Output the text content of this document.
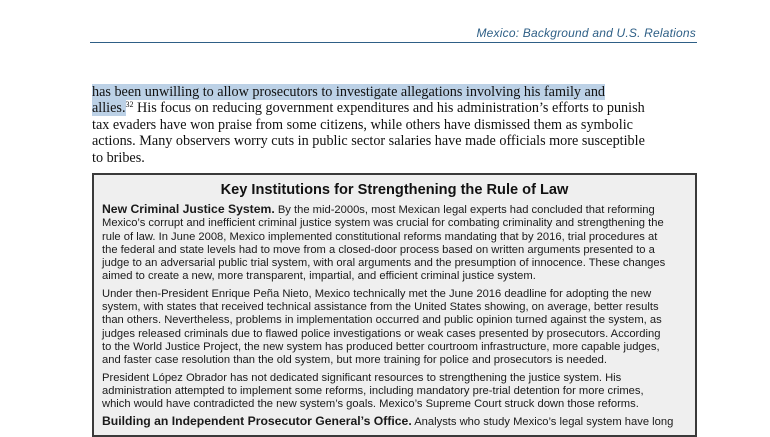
Mexico: Background and U.S. Relations
has been unwilling to allow prosecutors to investigate allegations involving his family and
allies.$^{32}$ His focus on reducing government expenditures and his administration’s efforts to punish
tax evaders have won praise from some citizens, while others have dismissed them as symbolic
actions. Many observers worry cuts in public sector salaries have made officials more susceptible
to bribes.
Key Institutions for Strengthening the Rule of Law
New Criminal Justice System. By the mid-2000s, most Mexican legal experts had concluded that reforming
Mexico’s corrupt and inefficient criminal justice system was crucial for combating criminality and strengthening the
rule of law. In June 2008, Mexico implemented constitutional reforms mandating that by 2016, trial procedures at
the federal and state levels had to move from a closed-door process based on written arguments presented to a
judge to an adversarial public trial system, with oral arguments and the presumption of innocence. These changes
aimed to create a new, more transparent, impartial, and efficient criminal justice system.
Under then-President Enrique Peña Nieto, Mexico technically met the June 2016 deadline for adopting the new
system, with states that received technical assistance from the United States showing, on average, better results
than others. Nevertheless, problems in implementation occurred and public opinion turned against the system, as
judges released criminals due to flawed police investigations or weak cases presented by prosecutors. According
to the World Justice Project, the new system has produced better courtroom infrastructure, more capable judges,
and faster case resolution than the old system, but more training for police and prosecutors is needed.
President López Obrador has not dedicated significant resources to strengthening the justice system. His
administration attempted to implement some reforms, including mandatory pre-trial detention for more crimes,
which would have contradicted the new system’s goals. Mexico’s Supreme Court struck down those reforms.
Building an Independent Prosecutor General’s Office. Analysts who study Mexico’s legal system have long
